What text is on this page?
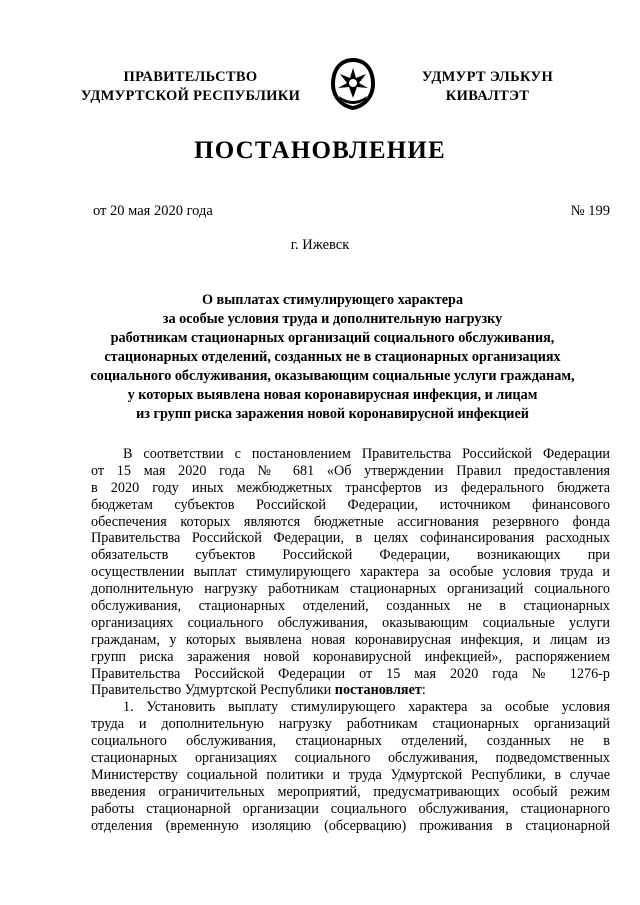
ПРАВИТЕЛЬСТВО
УДМУРТСКОЙ РЕСПУБЛИКИ
УДМУРТ ЭЛЬКУН
КИВАЛТЭТ
ПОСТАНОВЛЕНИЕ
от 20 мая 2020 года	№ 199
г. Ижевск
О выплатах стимулирующего характера
за особые условия труда и дополнительную нагрузку
работникам стационарных организаций социального обслуживания,
стационарных отделений, созданных не в стационарных организациях
социального обслуживания, оказывающим социальные услуги гражданам,
у которых выявлена новая коронавирусная инфекция, и лицам
из групп риска заражения новой коронавирусной инфекцией
В соответствии с постановлением Правительства Российской Федерации
от 15 мая 2020 года № 681 «Об утверждении Правил предоставления
в 2020 году иных межбюджетных трансфертов из федерального бюджета
бюджетам субъектов Российской Федерации, источником финансового
обеспечения которых являются бюджетные ассигнования резервного фонда
Правительства Российской Федерации, в целях софинансирования расходных
обязательств субъектов Российской Федерации, возникающих при
осуществлении выплат стимулирующего характера за особые условия труда и
дополнительную нагрузку работникам стационарных организаций социального
обслуживания, стационарных отделений, созданных не в стационарных
организациях социального обслуживания, оказывающим социальные услуги
гражданам, у которых выявлена новая коронавирусная инфекция, и лицам из
групп риска заражения новой коронавирусной инфекцией», распоряжением
Правительства Российской Федерации от 15 мая 2020 года № 1276-р
Правительство Удмуртской Республики постановляет:
1. Установить выплату стимулирующего характера за особые условия
труда и дополнительную нагрузку работникам стационарных организаций
социального обслуживания, стационарных отделений, созданных не в
стационарных организациях социального обслуживания, подведомственных
Министерству социальной политики и труда Удмуртской Республики, в случае
введения ограничительных мероприятий, предусматривающих особый режим
работы стационарной организации социального обслуживания, стационарного
отделения (временную изоляцию (обсервацию) проживания в стационарной
